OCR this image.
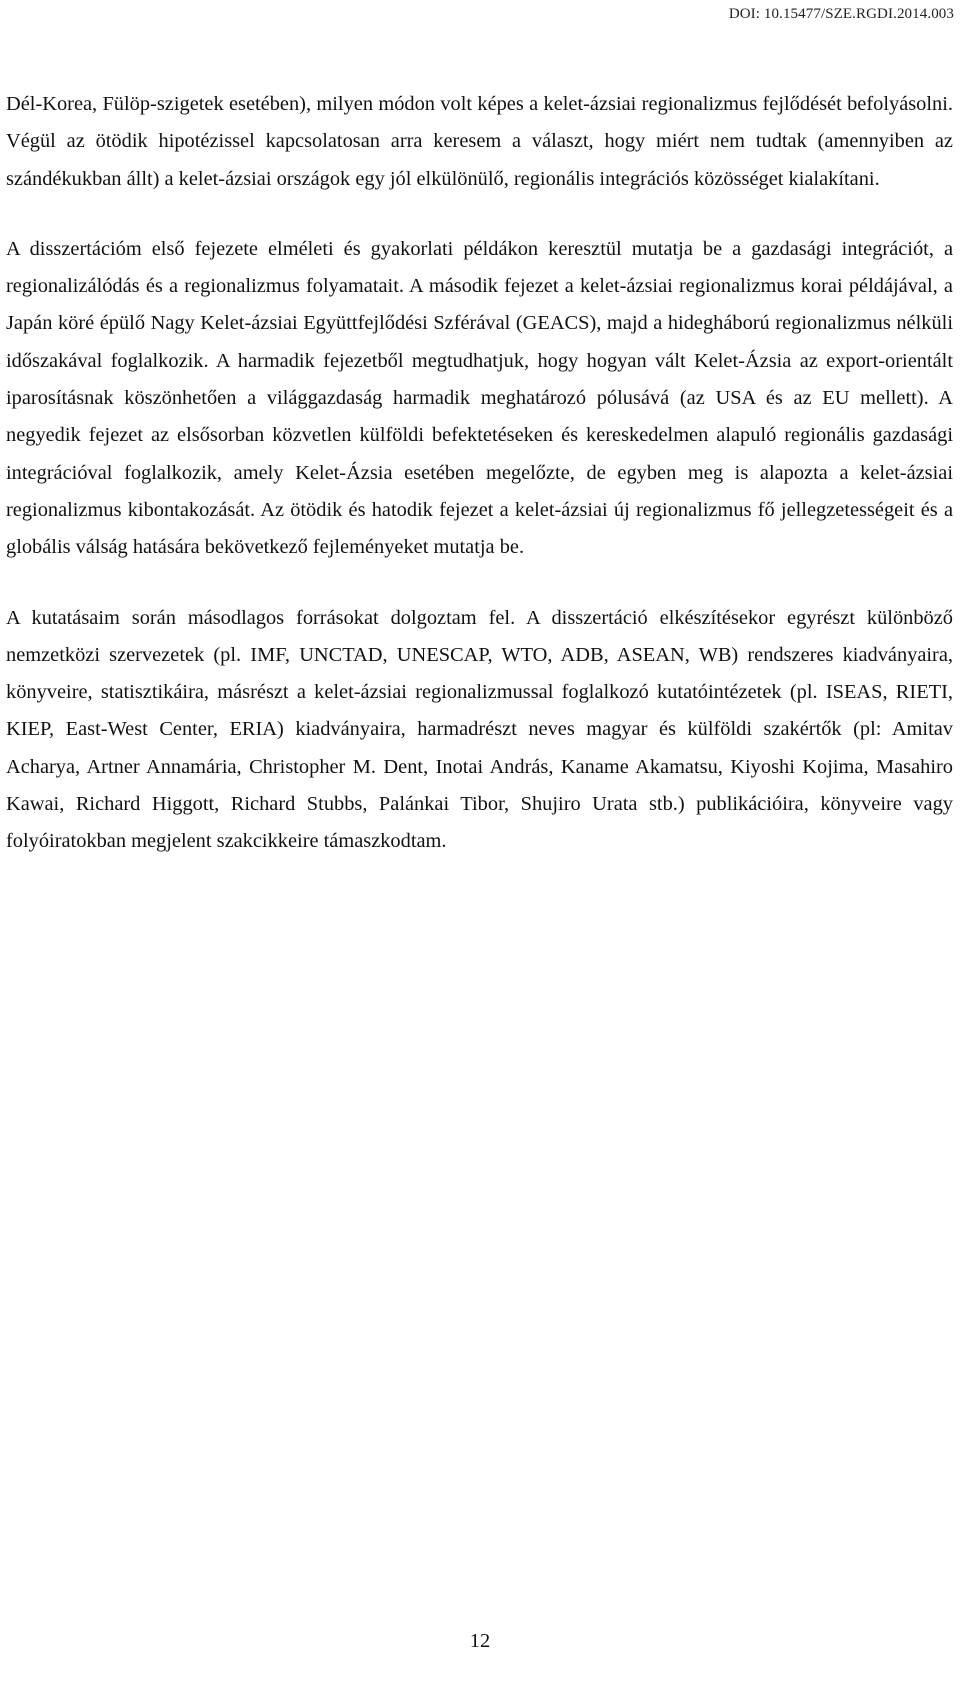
DOI: 10.15477/SZE.RGDI.2014.003

Dél-Korea, Fülöp-szigetek esetében), milyen módon volt képes a kelet-ázsiai regionalizmus fejlődését befolyásolni. Végül az ötödik hipotézissel kapcsolatosan arra keresem a választ, hogy miért nem tudtak (amennyiben az szándékukban állt) a kelet-ázsiai országok egy jól elkülönülő, regionális integrációs közösséget kialakítani.

A disszertációm első fejezete elméleti és gyakorlati példákon keresztül mutatja be a gazdasági integrációt, a regionalizálódás és a regionalizmus folyamatait. A második fejezet a kelet-ázsiai regionalizmus korai példájával, a Japán köré épülő Nagy Kelet-ázsiai Együttfejlődési Szférával (GEACS), majd a hidegháború regionalizmus nélküli időszakával foglalkozik. A harmadik fejezetből megtudhatjuk, hogy hogyan vált Kelet-Ázsia az export-orientált iparosításnak köszönhetően a világgazdaság harmadik meghatározó pólusává (az USA és az EU mellett). A negyedik fejezet az elsősorban közvetlen külföldi befektetéseken és kereskedelmen alapuló regionális gazdasági integrációval foglalkozik, amely Kelet-Ázsia esetében megelőzte, de egyben meg is alapozta a kelet-ázsiai regionalizmus kibontakozását. Az ötödik és hatodik fejezet a kelet-ázsiai új regionalizmus fő jellegzetességeit és a globális válság hatására bekövetkező fejleményeket mutatja be.

A kutatásaim során másodlagos forrásokat dolgoztam fel. A disszertáció elkészítésekor egyrészt különböző nemzetközi szervezetek (pl. IMF, UNCTAD, UNESCAP, WTO, ADB, ASEAN, WB) rendszeres kiadványaira, könyveire, statisztikáira, másrészt a kelet-ázsiai regionalizmussal foglalkozó kutatóintézetek (pl. ISEAS, RIETI, KIEP, East-West Center, ERIA) kiadványaira, harmadrészt neves magyar és külföldi szakértők (pl: Amitav Acharya, Artner Annamária, Christopher M. Dent, Inotai András, Kaname Akamatsu, Kiyoshi Kojima, Masahiro Kawai, Richard Higgott, Richard Stubbs, Palánkai Tibor, Shujiro Urata stb.) publikációira, könyveire vagy folyóiratokban megjelent szakcikkeire támaszkodtam.

12
